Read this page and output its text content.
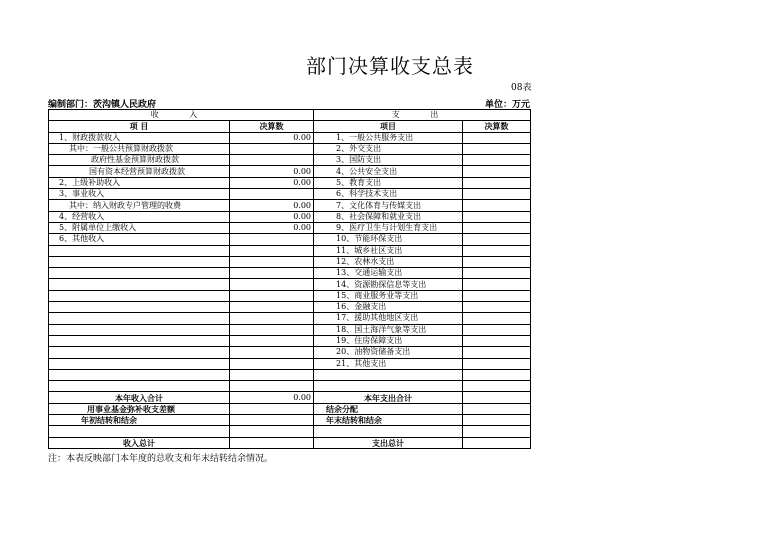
部门决算收支总表
08表
编制部门：茨沟镇人民政府	单位：万元
收 入		支 出	
项 目	决算数	项目	决算数
1、财政拨款收入	0.00	1、一般公共服务支出	
其中：一般公共预算财政拨款		2、外交支出	
政府性基金预算财政拨款		3、国防支出	
国有资本经营预算财政拨款	0.00	4、公共安全支出	
2、上级补助收入	0.00	5、教育支出	
3、事业收入		6、科学技术支出	
其中：纳入财政专户管理的收费	0.00	7、文化体育与传媒支出	
4、经营收入	0.00	8、社会保障和就业支出	
5、附属单位上缴收入	0.00	9、医疗卫生与计划生育支出	
6、其他收入		10、节能环保支出	
		11、城乡社区支出	
		12、农林水支出	
		13、交通运输支出	
		14、资源勘探信息等支出	
		15、商业服务业等支出	
		16、金融支出	
		17、援助其他地区支出	
		18、国土海洋气象等支出	
		19、住房保障支出	
		20、油物资储备支出	
		21、其他支出	

本年收入合计	0.00	本年支出合计	
用事业基金弥补收支差额		结余分配	
年初结转和结余		年末结转和结余	

收入总计		支出总计	
注：本表反映部门本年度的总收支和年末结转结余情况。
